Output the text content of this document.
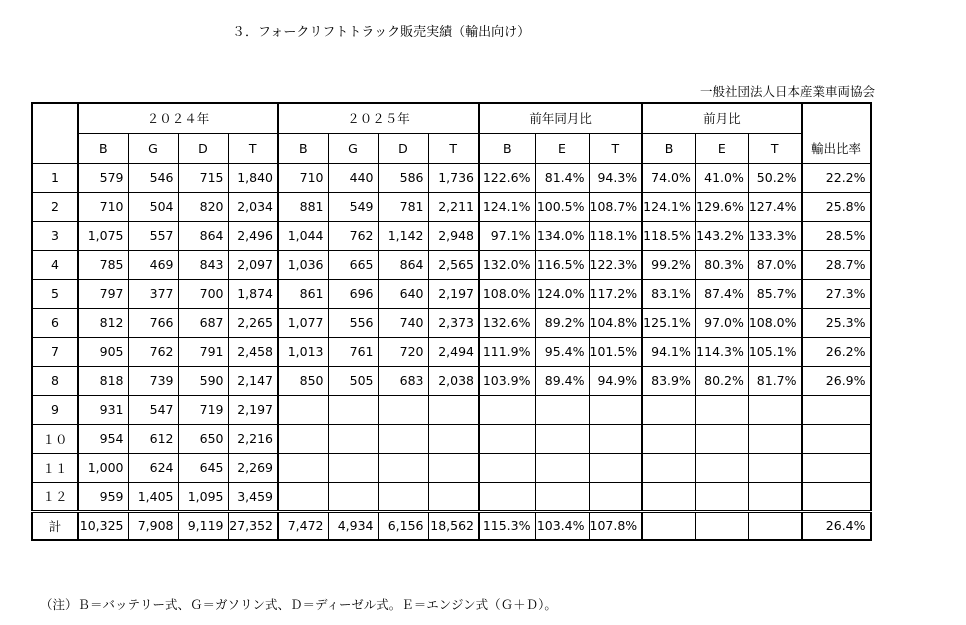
３．フォークリフトトラック販売実績（輸出向け）
一般社団法人日本産業車両協会
	２０２４年				２０２５年				前年同月比			前月比			輸出比率
	B	G	D	T	B	G	D	T	B	E	T	B	E	T	
1	579	546	715	1,840	710	440	586	1,736	122.6%	81.4%	94.3%	74.0%	41.0%	50.2%	22.2%
2	710	504	820	2,034	881	549	781	2,211	124.1%	100.5%	108.7%	124.1%	129.6%	127.4%	25.8%
3	1,075	557	864	2,496	1,044	762	1,142	2,948	97.1%	134.0%	118.1%	118.5%	143.2%	133.3%	28.5%
4	785	469	843	2,097	1,036	665	864	2,565	132.0%	116.5%	122.3%	99.2%	80.3%	87.0%	28.7%
5	797	377	700	1,874	861	696	640	2,197	108.0%	124.0%	117.2%	83.1%	87.4%	85.7%	27.3%
6	812	766	687	2,265	1,077	556	740	2,373	132.6%	89.2%	104.8%	125.1%	97.0%	108.0%	25.3%
7	905	762	791	2,458	1,013	761	720	2,494	111.9%	95.4%	101.5%	94.1%	114.3%	105.1%	26.2%
8	818	739	590	2,147	850	505	683	2,038	103.9%	89.4%	94.9%	83.9%	80.2%	81.7%	26.9%
9	931	547	719	2,197											
１０	954	612	650	2,216											
１１	1,000	624	645	2,269											
１２	959	1,405	1,095	3,459											
計	10,325	7,908	9,119	27,352	7,472	4,934	6,156	18,562	115.3%	103.4%	107.8%				26.4%
（注）Ｂ＝バッテリー式、Ｇ＝ガソリン式、Ｄ＝ディーゼル式。Ｅ＝エンジン式（Ｇ＋Ｄ）。
